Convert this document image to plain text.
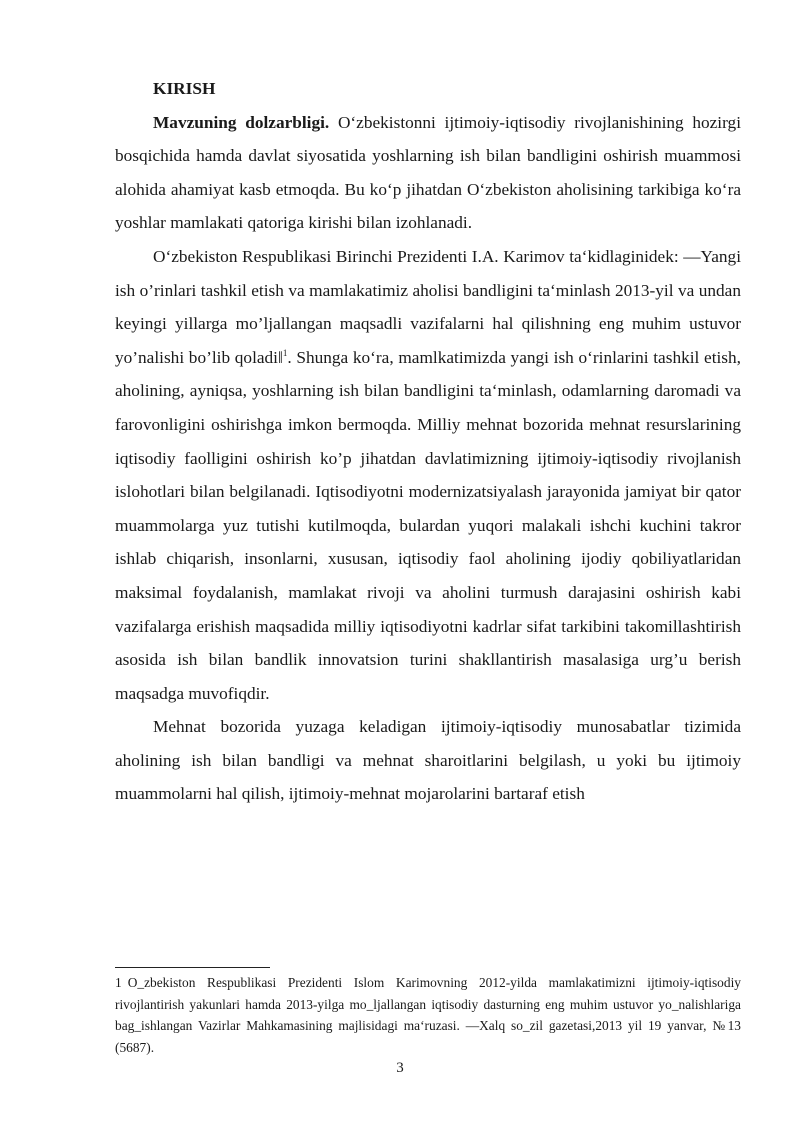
KIRISH

Mavzuning dolzarbligi. O‘zbekistonni ijtimoiy-iqtisodiy rivojlanishining hozirgi bosqichida hamda davlat siyosatida yoshlarning ish bilan bandligini oshirish muammosi alohida ahamiyat kasb etmoqda. Bu ko‘p jihatdan O‘zbekiston aholisining tarkibiga ko‘ra yoshlar mamlakati qatoriga kirishi bilan izohlanadi.

O‘zbekiston Respublikasi Birinchi Prezidenti I.A. Karimov ta‘kidlaginidek: ―Yangi ish o’rinlari tashkil etish va mamlakatimiz aholisi bandligini ta‘minlash 2013-yil va undan keyingi yillarga mo’ljallangan maqsadli vazifalarni hal qilishning eng muhim ustuvor yo’nalishi bo’lib qoladi‖$^1$. Shunga ko‘ra, mamlkatimizda yangi ish o‘rinlarini tashkil etish, aholining, ayniqsa, yoshlarning ish bilan bandligini ta‘minlash, odamlarning daromadi va farovonligini oshirishga imkon bermoqda. Milliy mehnat bozorida mehnat resurslarining iqtisodiy faolligini oshirish ko’p jihatdan davlatimizning ijtimoiy-iqtisodiy rivojlanish islohotlari bilan belgilanadi. Iqtisodiyotni modernizatsiyalash jarayonida jamiyat bir qator muammolarga yuz tutishi kutilmoqda, bulardan yuqori malakali ishchi kuchini takror ishlab chiqarish, insonlarni, xususan, iqtisodiy faol aholining ijodiy qobiliyatlaridan maksimal foydalanish, mamlakat rivoji va aholini turmush darajasini oshirish kabi vazifalarga erishish maqsadida milliy iqtisodiyotni kadrlar sifat tarkibini takomillashtirish asosida ish bilan bandlik innovatsion turini shakllantirish masalasiga urg’u berish maqsadga muvofiqdir.

Mehnat bozorida yuzaga keladigan ijtimoiy-iqtisodiy munosabatlar tizimida aholining ish bilan bandligi va mehnat sharoitlarini belgilash, u yoki bu ijtimoiy muammolarni hal qilish, ijtimoiy-mehnat mojarolarini bartaraf etish

1 O_zbekiston Respublikasi Prezidenti Islom Karimovning 2012-yilda mamlakatimizni ijtimoiy-iqtisodiy rivojlantirish yakunlari hamda 2013-yilga mo_ljallangan iqtisodiy dasturning eng muhim ustuvor yo_nalishlariga bag_ishlangan Vazirlar Mahkamasining majlisidagi ma‘ruzasi. ―Xalq so_zil gazetasi,2013 yil 19 yanvar, №13 (5687).

3
